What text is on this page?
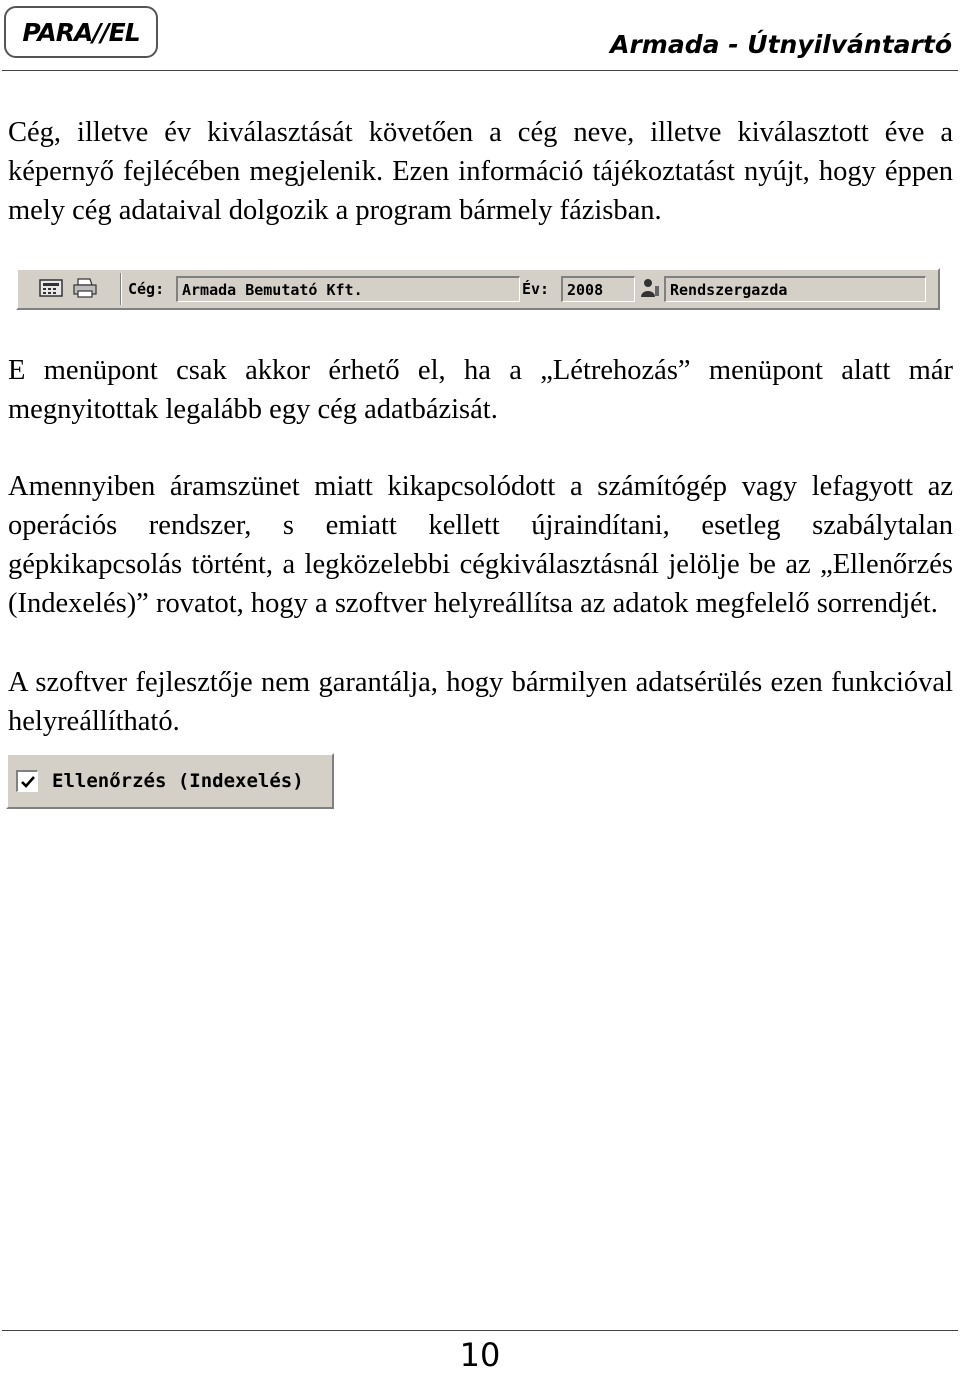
PARA//EL	Armada - Útnyilvántartó

Cég, illetve év kiválasztását követően a cég neve, illetve kiválasztott éve a képernyő fejlécében megjelenik. Ezen információ tájékoztatást nyújt, hogy éppen mely cég adataival dolgozik a program bármely fázisban.

Cég:	Armada Bemutató Kft.	Év:	2008	Rendszergazda

E menüpont csak akkor érhető el, ha a „Létrehozás” menüpont alatt már megnyitottak legalább egy cég adatbázisát.

Amennyiben áramszünet miatt kikapcsolódott a számítógép vagy lefagyott az operációs rendszer, s emiatt kellett újraindítani, esetleg szabálytalan gépkikapcsolás történt, a legközelebbi cégkiválasztásnál jelölje be az „Ellenőrzés (Indexelés)” rovatot, hogy a szoftver helyreállítsa az adatok megfelelő sorrendjét.

A szoftver fejlesztője nem garantálja, hogy bármilyen adatsérülés ezen funkcióval helyreállítható.

Ellenőrzés (Indexelés)
10
